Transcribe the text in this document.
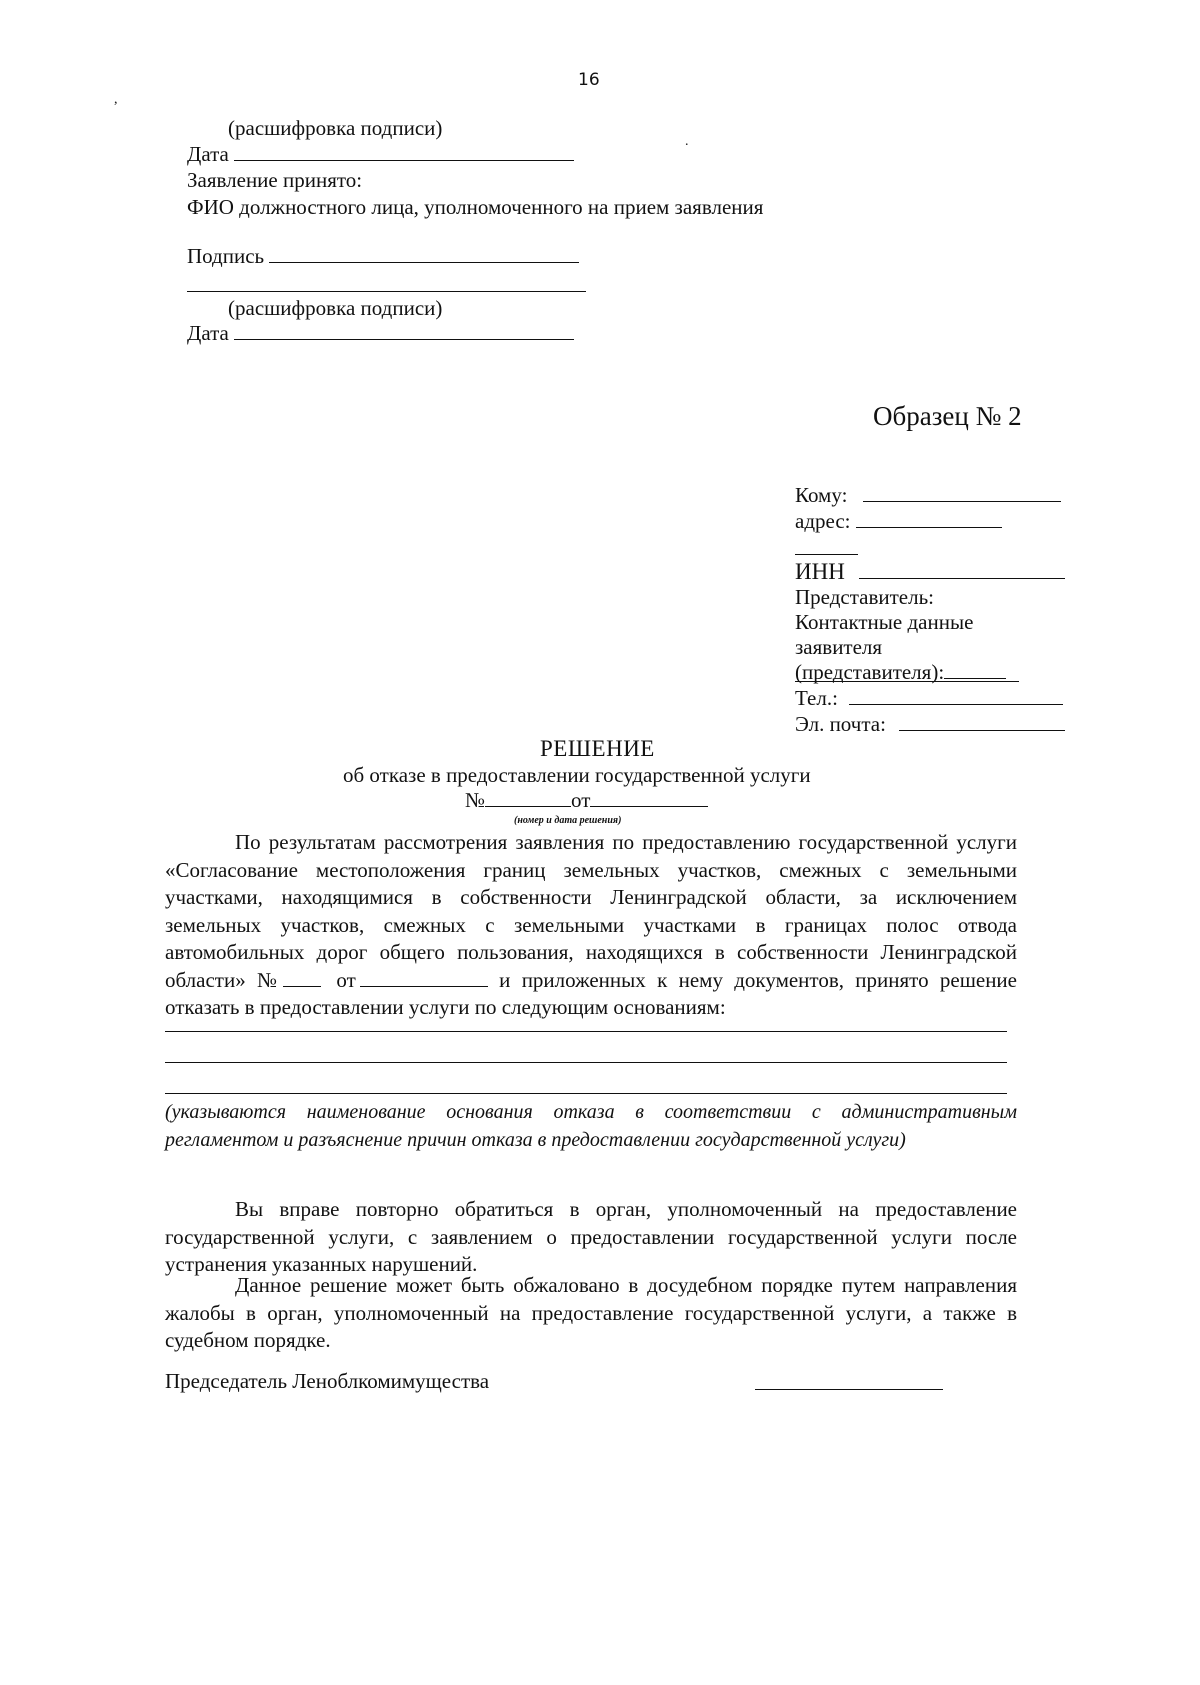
16
,
.
(расшифровка подписи)
Дата
Заявление принято:
ФИО должностного лица, уполномоченного на прием заявления
Подпись
(расшифровка подписи)
Дата
Образец № 2
Кому:
адрес:
ИНН
Представитель:
Контактные данные
заявителя
(представителя):
Тел.:
Эл. почта:
РЕШЕНИЕ
об отказе в предоставлении государственной услуги
№	от
(номер и дата решения)
По результатам рассмотрения заявления по предоставлению государственной услуги «Согласование местоположения границ земельных участков, смежных с земельными участками, находящимися в собственности Ленинградской области, за исключением земельных участков, смежных с земельными участками в границах полос отвода автомобильных дорог общего пользования, находящихся в собственности Ленинградской области» №	от	и приложенных к нему документов, принято решение отказать в предоставлении услуги по следующим основаниям:
(указываются наименование основания отказа в соответствии с административным регламентом и разъяснение причин отказа в предоставлении государственной услуги)
Вы вправе повторно обратиться в орган, уполномоченный на предоставление государственной услуги, с заявлением о предоставлении государственной услуги после устранения указанных нарушений.
Данное решение может быть обжаловано в досудебном порядке путем направления жалобы в орган, уполномоченный на предоставление государственной услуги, а также в судебном порядке.
Председатель Леноблкомимущества
